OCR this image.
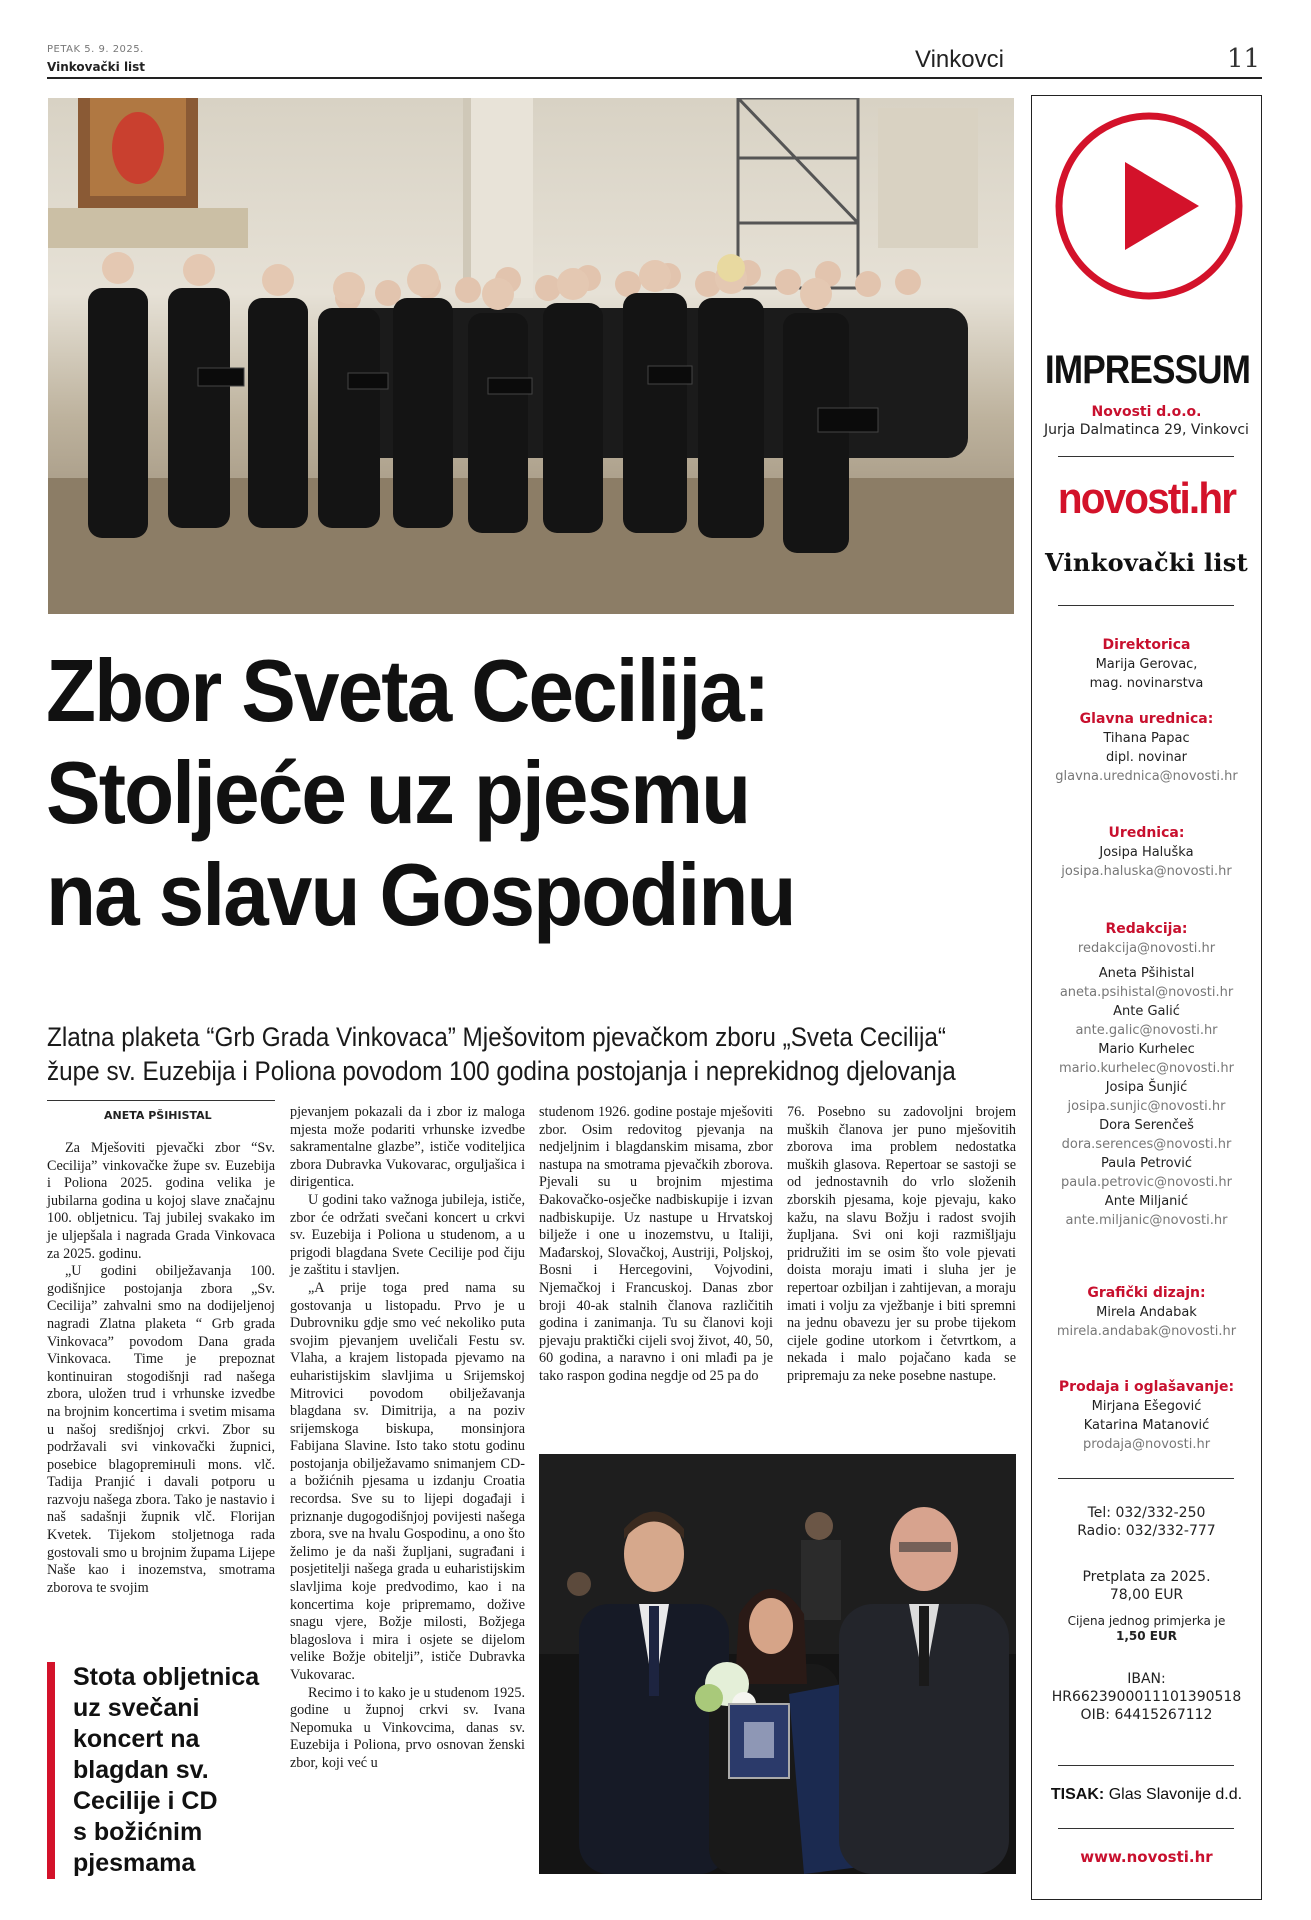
PETAK 5. 9. 2025.
Vinkovački list	Vinkovci	11
Zbor Sveta Cecilija:
Stoljeće uz pjesmu
na slavu Gospodinu
Zlatna plaketa “Grb Grada Vinkovaca” Mješovitom pjevačkom zboru „Sveta Cecilija“
župe sv. Euzebija i Poliona povodom 100 godina postojanja i neprekidnog djelovanja
ANETA PŠIHISTAL

Za Mješoviti pjevački zbor “Sv. Cecilija” vinkovačke župe sv. Euzebija i Poliona 2025. godina velika je jubilarna godina u kojoj slave značajnu 100. obljetnicu. Taj jubilej svakako im je uljepšala i nagrada Grada Vinkovaca za 2025. godinu.

„U godini obilježavanja 100. godišnjice postojanja zbora „Sv. Cecilija” zahvalni smo na dodijeljenoj nagradi Zlatna plaketa “ Grb grada Vinkovaca” povodom Dana grada Vinkovaca. Time je prepoznat kontinuiran stogodišnji rad našega zbora, uložen trud i vrhunske izvedbe na brojnim koncertima i svetim misama u našoj središnjoj crkvi. Zbor su podržavali svi vinkovački župnici, posebice blagopremінuli mons. vlč. Tadija Pranjić i davali potporu u razvoju našega zbora. Tako je nastavio i naš sadašnji župnik vlč. Florijan Kvetek. Tijekom stoljetnoga rada gostovali smo u brojnim župama Lijepe Naše kao i inozemstva, smotrama zborova te svojim

pjevanjem pokazali da i zbor iz maloga mjesta može podariti vrhunske izvedbe sakramentalne glazbe”, ističe voditeljica zbora Dubravka Vukovarac, orguljašica i dirigentica.

U godini tako važnoga jubileja, ističe, zbor će održati svečani koncert u crkvi sv. Euzebija i Poliona u studenom, a u prigodi blagdana Svete Cecilije pod čiju je zaštitu i stavljen.

„A prije toga pred nama su gostovanja u listopadu. Prvo je u Dubrovniku gdje smo već nekoliko puta svojim pjevanjem uveličali Festu sv. Vlaha, a krajem listopada pjevamo na euharistijskim slavljima u Srijemskoj Mitrovici povodom obilježavanja blagdana sv. Dimitrija, a na poziv srijemskoga biskupa, monsinjora Fabijana Slavine. Isto tako stotu godinu postojanja obilježavamo snimanjem CD-a božićnih pjesama u izdanju Croatia recordsa. Sve su to lijepi događaji i priznanje dugogodišnjoj povijesti našega zbora, sve na hvalu Gospodinu, a ono što želimo je da naši župljani, sugrađani i posjetitelji našega grada u euharistijskim slavljima koje predvodimo, kao i na koncertima koje pripremamo, dožive snagu vjere, Božje milosti, Božjega blagoslova i mira i osjete se dijelom velike Božje obitelji”, ističe Dubravka Vukovarac.

Recimo i to kako je u studenom 1925. godine u župnoj crkvi sv. Ivana Nepomuka u Vinkovcima, danas sv. Euzebija i Poliona, prvo osnovan ženski zbor, koji već u

studenom 1926. godine postaje mješoviti zbor. Osim redovitog pjevanja na nedjeljnim i blagdanskim misama, zbor nastupa na smotrama pjevačkih zborova. Pjevali su u brojnim mjestima Đakovačko-osječke nadbiskupije i izvan nadbiskupije. Uz nastupe u Hrvatskoj bilježe i one u inozemstvu, u Italiji, Mađarskoj, Slovačkoj, Austriji, Poljskoj, Bosni i Hercegovini, Vojvodini, Njemačkoj i Francuskoj. Danas zbor broji 40-ak stalnih članova različitih godina i zanimanja. Tu su članovi koji pjevaju praktički cijeli svoj život, 40, 50, 60 godina, a naravno i oni mlađi pa je tako raspon godina negdje od 25 pa do

76. Posebno su zadovoljni brojem muških članova jer puno mješovitih zborova ima problem nedostatka muških glasova. Repertoar se sastoji se od jednostavnih do vrlo složenih zborskih pjesama, koje pjevaju, kako kažu, na slavu Božju i radost svojih župljana. Svi oni koji razmišljaju pridružiti im se osim što vole pjevati doista moraju imati i sluha jer je repertoar ozbiljan i zahtijevan, a moraju imati i volju za vježbanje i biti spremni na jednu obavezu jer su probe tijekom cijele godine utorkom i četvrtkom, a nekada i malo pojačano kada se pripremaju za neke posebne nastupe.

Stota obljetnica
uz svečani
koncert na
blagdan sv.
Cecilije i CD
s božićnim
pjesmama
IMPRESSUM
Novosti d.o.o.
Jurja Dalmatinca 29, Vinkovci
novosti.hr
Vinkovački list
Direktorica
Marija Gerovac,
mag. novinarstva
Glavna urednica:
Tihana Papac
dipl. novinar
glavna.urednica@novosti.hr
Urednica:
Josipa Haluška
josipa.haluska@novosti.hr
Redakcija:
redakcija@novosti.hr
Aneta Pšihistal
aneta.psihistal@novosti.hr
Ante Galić
ante.galic@novosti.hr
Mario Kurhelec
mario.kurhelec@novosti.hr
Josipa Šunjić
josipa.sunjic@novosti.hr
Dora Serenčeš
dora.serences@novosti.hr
Paula Petrović
paula.petrovic@novosti.hr
Ante Miljanić
ante.miljanic@novosti.hr
Grafički dizajn:
Mirela Andabak
mirela.andabak@novosti.hr
Prodaja i oglašavanje:
Mirjana Ešegović
Katarina Matanović
prodaja@novosti.hr
Tel: 032/332-250
Radio: 032/332-777
Pretplata za 2025.
78,00 EUR
Cijena jednog primjerka je
1,50 EUR
IBAN:
HR6623900011101390518
OIB: 64415267112
TISAK: Glas Slavonije d.d.
www.novosti.hr
